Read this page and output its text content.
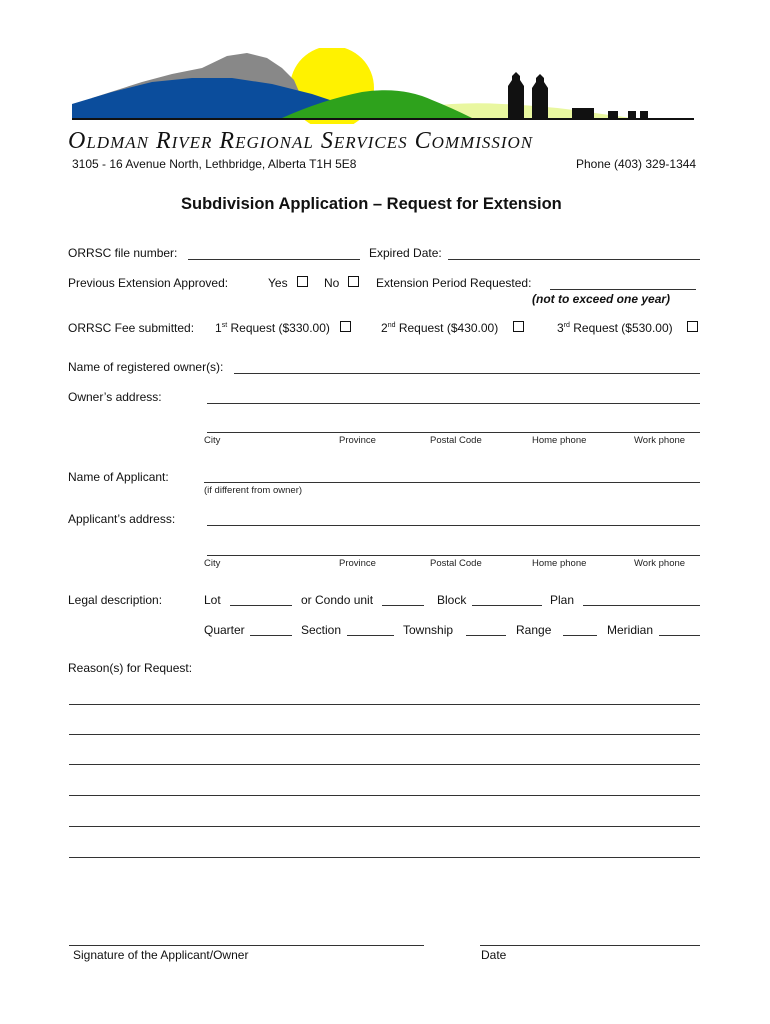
Oldman River Regional Services Commission
3105 - 16 Avenue North, Lethbridge, Alberta T1H 5E8	Phone (403) 329-1344
Subdivision Application – Request for Extension
ORRSC file number:	Expired Date:
Previous Extension Approved:	Yes	No	Extension Period Requested:
(not to exceed one year)
ORRSC Fee submitted: 1st Request ($330.00)	2nd Request ($430.00)	3rd Request ($530.00)
Name of registered owner(s):
Owner’s address:
City	Province	Postal Code	Home phone	Work phone
Name of Applicant:
(if different from owner)
Applicant’s address:
City	Province	Postal Code	Home phone	Work phone
Legal description:	Lot	or Condo unit	Block	Plan
Quarter	Section	Township	Range	Meridian
Reason(s) for Request:
Signature of the Applicant/Owner	Date
